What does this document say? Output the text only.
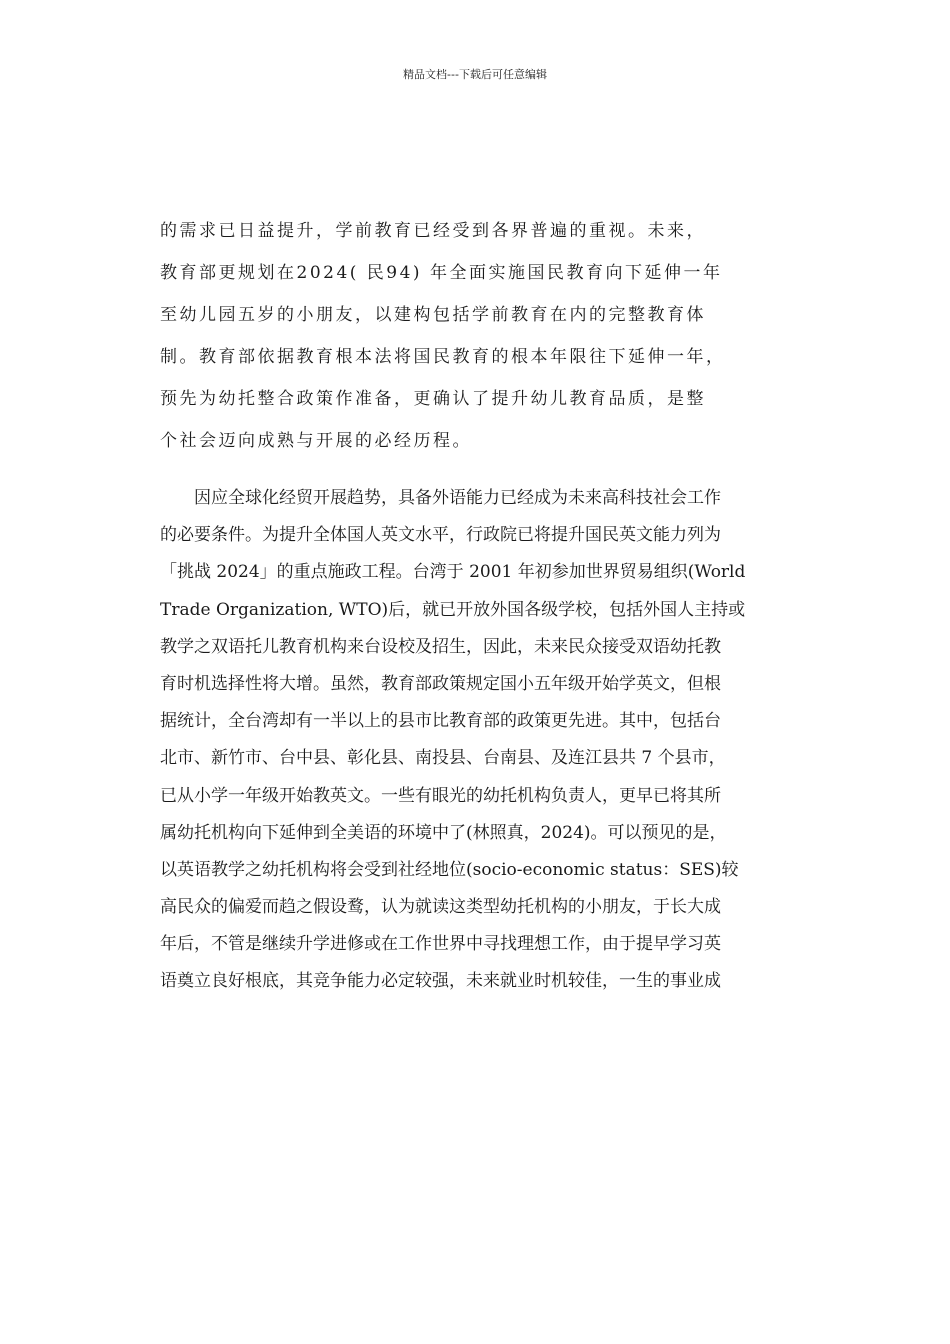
精品文档---下载后可任意编辑
的需求已日益提升，学前教育已经受到各界普遍的重视。未来，
教育部更规划在2024( 民94) 年全面实施国民教育向下延伸一年
至幼儿园五岁的小朋友，以建构包括学前教育在内的完整教育体
制。教育部依据教育根本法将国民教育的根本年限往下延伸一年，
预先为幼托整合政策作准备，更确认了提升幼儿教育品质，是整
个社会迈向成熟与开展的必经历程。
因应全球化经贸开展趋势，具备外语能力已经成为未来高科技社会工作
的必要条件。为提升全体国人英文水平，行政院已将提升国民英文能力列为
「挑战 2024」的重点施政工程。台湾于 2001 年初参加世界贸易组织(World
Trade Organization, WTO)后，就已开放外国各级学校，包括外国人主持或
教学之双语托儿教育机构来台设校及招生，因此，未来民众接受双语幼托教
育时机选择性将大增。虽然，教育部政策规定国小五年级开始学英文，但根
据统计，全台湾却有一半以上的县市比教育部的政策更先进。其中，包括台
北市、新竹市、台中县、彰化县、南投县、台南县、及连江县共 7 个县市，
已从小学一年级开始教英文。一些有眼光的幼托机构负责人，更早已将其所
属幼托机构向下延伸到全美语的环境中了(林照真，2024)。可以预见的是，
以英语教学之幼托机构将会受到社经地位(socio-economic status：SES)较
高民众的偏爱而趋之假设鹜，认为就读这类型幼托机构的小朋友，于长大成
年后，不管是继续升学进修或在工作世界中寻找理想工作，由于提早学习英
语奠立良好根底，其竞争能力必定较强，未来就业时机较佳，一生的事业成
